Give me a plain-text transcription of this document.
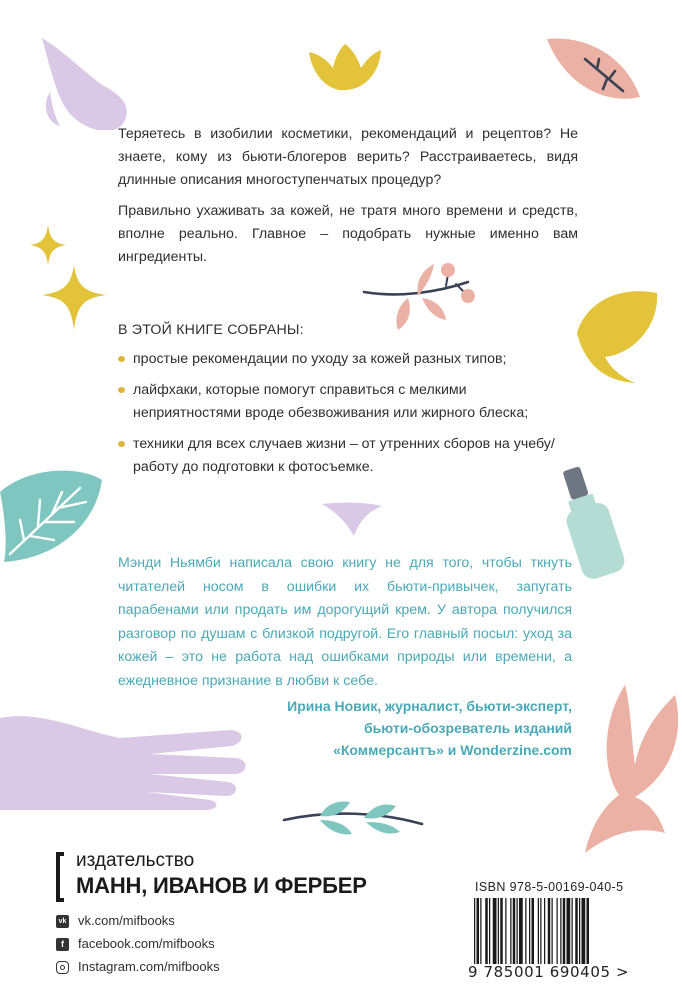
Теряетесь в изобилии косметики, рекомендаций и рецептов? Не знаете, кому из бьюти-блогеров верить? Расстраиваетесь, видя длинные описания многоступенчатых процедур?

Правильно ухаживать за кожей, не тратя много времени и средств, вполне реально. Главное – подобрать нужные именно вам ингредиенты.

В ЭТОЙ КНИГЕ СОБРАНЫ:
простые рекомендации по уходу за кожей разных типов;
лайфхаки, которые помогут справиться с мелкими неприятностями вроде обезвоживания или жирного блеска;
техники для всех случаев жизни – от утренних сборов на учебу/работу до подготовки к фотосъемке.

Мэнди Ньямби написала свою книгу не для того, чтобы ткнуть читателей носом в ошибки их бьюти-привычек, запугать парабенами или продать им дорогущий крем. У автора получился разговор по душам с близкой подругой. Его главный посыл: уход за кожей – это не работа над ошибками природы или времени, а ежедневное признание в любви к себе.

Ирина Новик, журналист, бьюти-эксперт,
бьюти-обозреватель изданий
«Коммерсантъ» и Wonderzine.com
издательство
МАНН, ИВАНОВ И ФЕРБЕР
vk vk.com/mifbooks
f	facebook.com/mifbooks
Instagram.com/mifbooks
ISBN 978-5-00169-040-5
9 785001 690405 >
